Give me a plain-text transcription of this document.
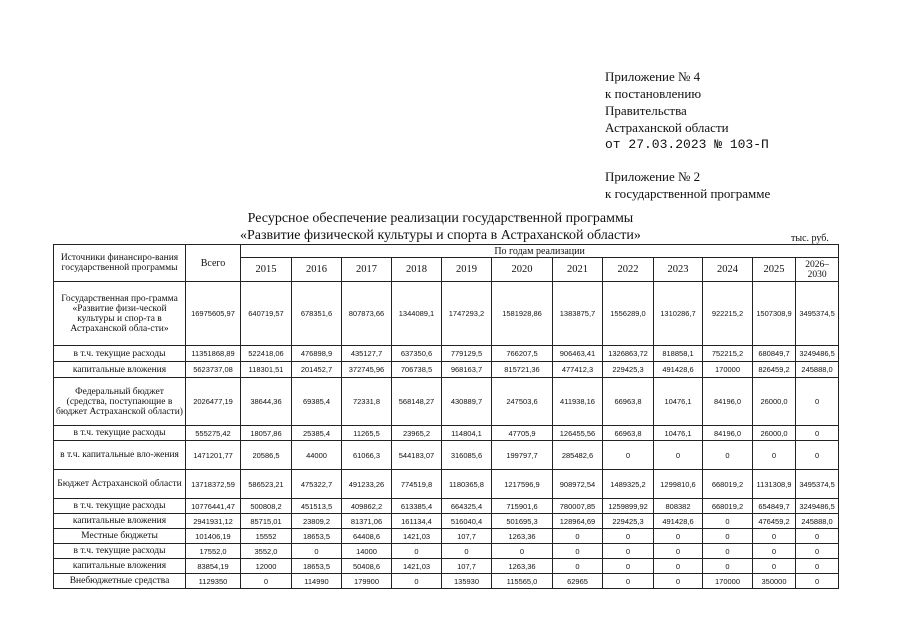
Приложение № 4
к постановлению
Правительства
Астраханской области
от 27.03.2023 № 103-П
Приложение № 2
к государственной программе
Ресурсное обеспечение реализации государственной программы
«Развитие физической культуры и спорта в Астраханской области»	тыс. руб.
Источники финансиро-вания государственной программы	Всего	По годам реализации											
		2015	2016	2017	2018	2019	2020	2021	2022	2023	2024	2025	2026–2030
Государственная про-грамма «Развитие физи-ческой культуры и спор-та в Астраханской обла-сти»	16975605,97	640719,57	678351,6	807873,66	1344089,1	1747293,2	1581928,86	1383875,7	1556289,0	1310286,7	922215,2	1507308,9	3495374,5
в т.ч. текущие расходы	11351868,89	522418,06	476898,9	435127,7	637350,6	779129,5	766207,5	906463,41	1326863,72	818858,1	752215,2	680849,7	3249486,5
капитальные вложения	5623737,08	118301,51	201452,7	372745,96	706738,5	968163,7	815721,36	477412,3	229425,3	491428,6	170000	826459,2	245888,0
Федеральный бюджет (средства, поступающие в бюджет Астраханской области)	2026477,19	38644,36	69385,4	72331,8	568148,27	430889,7	247503,6	411938,16	66963,8	10476,1	84196,0	26000,0	0
в т.ч. текущие расходы	555275,42	18057,86	25385,4	11265,5	23965,2	114804,1	47705,9	126455,56	66963,8	10476,1	84196,0	26000,0	0
в т.ч. капитальные вло-жения	1471201,77	20586,5	44000	61066,3	544183,07	316085,6	199797,7	285482,6	0	0	0	0	0
Бюджет Астраханской области	13718372,59	586523,21	475322,7	491233,26	774519,8	1180365,8	1217596,9	908972,54	1489325,2	1299810,6	668019,2	1131308,9	3495374,5
в т.ч. текущие расходы	10776441,47	500808,2	451513,5	409862,2	613385,4	664325,4	715901,6	780007,85	1259899,92	808382	668019,2	654849,7	3249486,5
капитальные вложения	2941931,12	85715,01	23809,2	81371,06	161134,4	516040,4	501695,3	128964,69	229425,3	491428,6	0	476459,2	245888,0
Местные бюджеты	101406,19	15552	18653,5	64408,6	1421,03	107,7	1263,36	0	0	0	0	0	0
в т.ч. текущие расходы	17552,0	3552,0	0	14000	0	0	0	0	0	0	0	0	0
капитальные вложения	83854,19	12000	18653,5	50408,6	1421,03	107,7	1263,36	0	0	0	0	0	0
Внебюджетные средства	1129350	0	114990	179900	0	135930	115565,0	62965	0	0	170000	350000	0
